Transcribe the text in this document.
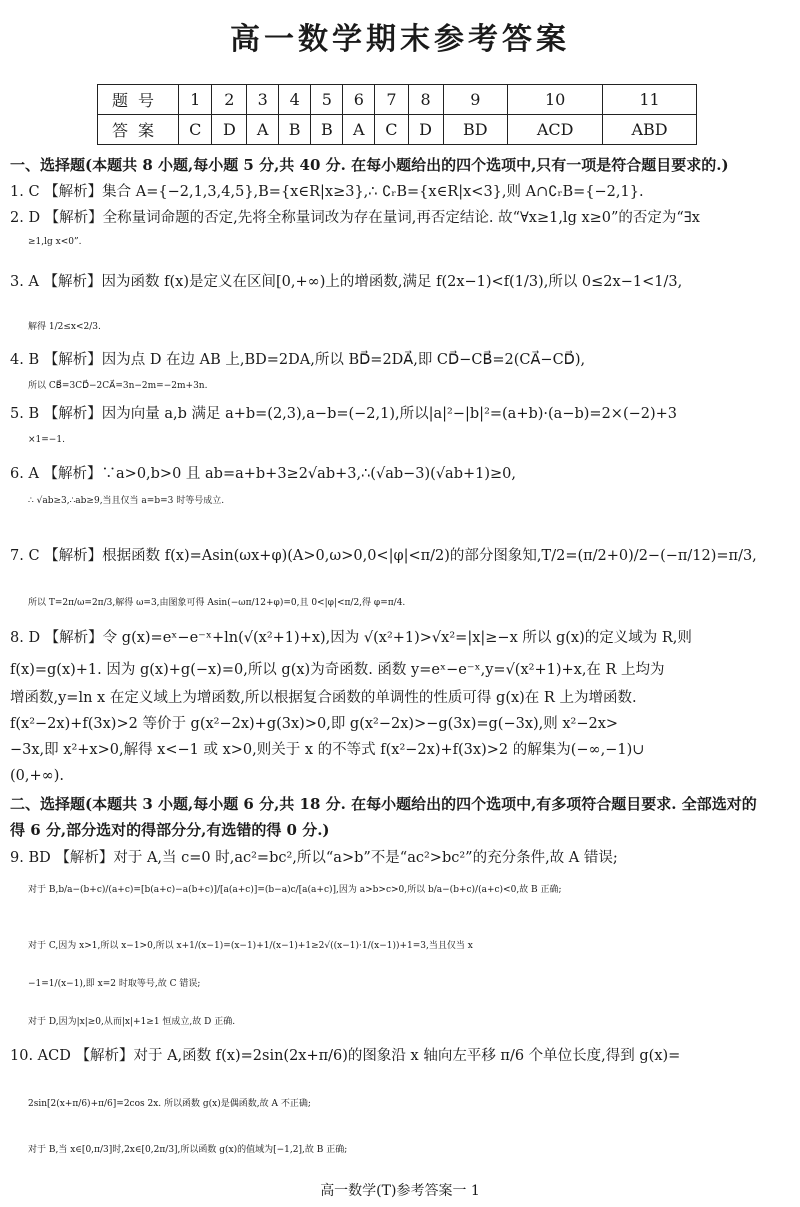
高一数学期末参考答案
题号	1	2	3	4	5	6	7	8	9	10	11
答案	C	D	A	B	B	A	C	D	BD	ACD	ABD
一、选择题(本题共 8 小题,每小题 5 分,共 40 分. 在每小题给出的四个选项中,只有一项是符合题目要求的.)
1. C 【解析】集合 A={−2,1,3,4,5},B={x∈R|x≥3},∴ ∁ᵣB={x∈R|x<3},则 A∩∁ᵣB={−2,1}.
2. D 【解析】全称量词命题的否定,先将全称量词改为存在量词,再否定结论. 故“∀x≥1,lg x≥0”的否定为“∃x
≥1,lg x<0”.
3. A 【解析】因为函数 f(x)是定义在区间[0,+∞)上的增函数,满足 f(2x−1)<f(1/3),所以 0≤2x−1<1/3,
解得 1/2≤x<2/3.
4. B 【解析】因为点 D 在边 AB 上,BD=2DA,所以 BD⃗=2DA⃗,即 CD⃗−CB⃗=2(CA⃗−CD⃗),
所以 CB⃗=3CD⃗−2CA⃗=3n−2m=−2m+3n.
5. B 【解析】因为向量 a,b 满足 a+b=(2,3),a−b=(−2,1),所以|a|²−|b|²=(a+b)·(a−b)=2×(−2)+3
×1=−1.
6. A 【解析】∵a>0,b>0 且 ab=a+b+3≥2√ab+3,∴(√ab−3)(√ab+1)≥0,
∴ √ab≥3,∴ab≥9,当且仅当 a=b=3 时等号成立.
7. C 【解析】根据函数 f(x)=Asin(ωx+φ)(A>0,ω>0,0<|φ|<π/2)的部分图象知,T/2=(π/2+0)/2−(−π/12)=π/3,
所以 T=2π/ω=2π/3,解得 ω=3,由图象可得 Asin(−ωπ/12+φ)=0,且 0<|φ|<π/2,得 φ=π/4.
8. D 【解析】令 g(x)=eˣ−e⁻ˣ+ln(√(x²+1)+x),因为 √(x²+1)>√x²=|x|≥−x 所以 g(x)的定义域为 R,则
f(x)=g(x)+1. 因为 g(x)+g(−x)=0,所以 g(x)为奇函数. 函数 y=eˣ−e⁻ˣ,y=√(x²+1)+x,在 R 上均为
增函数,y=ln x 在定义域上为增函数,所以根据复合函数的单调性的性质可得 g(x)在 R 上为增函数.
f(x²−2x)+f(3x)>2 等价于 g(x²−2x)+g(3x)>0,即 g(x²−2x)>−g(3x)=g(−3x),则 x²−2x>
−3x,即 x²+x>0,解得 x<−1 或 x>0,则关于 x 的不等式 f(x²−2x)+f(3x)>2 的解集为(−∞,−1)∪
(0,+∞).
二、选择题(本题共 3 小题,每小题 6 分,共 18 分. 在每小题给出的四个选项中,有多项符合题目要求. 全部选对的
得 6 分,部分选对的得部分分,有选错的得 0 分.)
9. BD 【解析】对于 A,当 c=0 时,ac²=bc²,所以“a>b”不是“ac²>bc²”的充分条件,故 A 错误;
对于 B,b/a−(b+c)/(a+c)=[b(a+c)−a(b+c)]/[a(a+c)]=(b−a)c/[a(a+c)],因为 a>b>c>0,所以 b/a−(b+c)/(a+c)<0,故 B 正确;
对于 C,因为 x>1,所以 x−1>0,所以 x+1/(x−1)=(x−1)+1/(x−1)+1≥2√((x−1)·1/(x−1))+1=3,当且仅当 x
−1=1/(x−1),即 x=2 时取等号,故 C 错误;
对于 D,因为|x|≥0,从而|x|+1≥1 恒成立,故 D 正确.
10. ACD 【解析】对于 A,函数 f(x)=2sin(2x+π/6)的图象沿 x 轴向左平移 π/6 个单位长度,得到 g(x)=
2sin[2(x+π/6)+π/6]=2cos 2x. 所以函数 g(x)是偶函数,故 A 不正确;
对于 B,当 x∈[0,π/3]时,2x∈[0,2π/3],所以函数 g(x)的值域为[−1,2],故 B 正确;
高一数学(T)参考答案一 1
